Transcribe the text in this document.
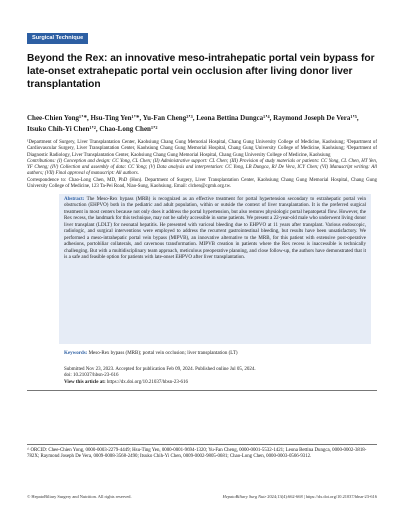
Surgical Technique
Beyond the Rex: an innovative meso-intrahepatic portal vein bypass for late-onset extrahepatic portal vein occlusion after living donor liver transplantation
Chee-Chien Yong¹ʼ*, Hsu-Ting Yen¹ʼ*, Yu-Fan Cheng²ʼ³, Leona Bettina Dungca¹ʼ⁴, Raymond Joseph De Vera¹ʼ⁵, Itsuko Chih-Yi Chen¹ʼ², Chao-Long Chen¹ʼ²

¹Department of Surgery, Liver Transplantation Center, Kaohsiung Chang Gung Memorial Hospital, Chang Gung University College of Medicine, Kaohsiung; ²Department of Cardiovascular Surgery, Liver Transplantation Center, Kaohsiung Chang Gung Memorial Hospital, Chang Gung University College of Medicine, Kaohsiung; ³Department of Diagnostic Radiology, Liver Transplantation Center, Kaohsiung Chang Gung Memorial Hospital, Chang Gung University College of Medicine, Kaohsiung

Contributions: (I) Conception and design: CC Yong, CL Chen; (II) Administrative support: CL Chen; (III) Provision of study materials or patients: CC Yong, CL Chen, HT Yen, YF Cheng; (IV) Collection and assembly of data: CC Yong; (V) Data analysis and interpretation: CC Yong, LB Dungca, RJ De Vera, ICY Chen; (VI) Manuscript writing: All authors; (VII) Final approval of manuscript: All authors.

Correspondence to: Chao-Long Chen, MD, PhD (Hon). Department of Surgery, Liver Transplantation Center, Kaohsiung Chang Gung Memorial Hospital, Chang Gung University College of Medicine, 123 Ta-Pei Road, Niao-Sung, Kaohsiung. Email: clchen@cgmh.org.tw.

Abstract: The Meso-Rex bypass (MRB) is recognized as an effective treatment for portal hypertension secondary to extrahepatic portal vein obstruction (EHPVO) both in the pediatric and adult population, within or outside the context of liver transplantation. It is the preferred surgical treatment in most centers because not only does it address the portal hypertension, but also restores physiologic portal hepatopetal flow. However, the Rex recess, the landmark for this technique, may not be safely accessible in some patients. We present a 22-year-old male who underwent living donor liver transplant (LDLT) for neonatal hepatitis. He presented with variceal bleeding due to EHPVO at 11 years after transplant. Various endoscopic, radiologic, and surgical interventions were employed to address the recurrent gastrointestinal bleeding, but results have been unsatisfactory. We performed a meso-intrahepatic portal vein bypass (MIPVB), an innovative alternative to the MRB, for this patient with extensive post-operative adhesions, portobiliar collaterals, and cavernous transformation. MIPVB creation in patients where the Rex recess is inaccessible is technically challenging. But with a multidisciplinary team approach, meticulous preoperative planning, and close follow-up, the authors have demonstrated that it is a safe and feasible option for patients with late-onset EHPVO after liver transplantation.
Keywords: Meso-Rex bypass (MRB); portal vein occlusion; liver transplantation (LT)

Submitted Nov 23, 2023. Accepted for publication Feb 09, 2024. Published online Jul 05, 2024.

doi: 10.21037/hbsn-23-616

View this article at: https://dx.doi.org/10.21037/hbsn-23-616

^ ORCID: Chee-Chien Yong, 0000-0003-2279-4449; Hsu-Ting Yen, 0000-0001-9694-1320; Yu-Fan Cheng, 0000-0001-5532-1421; Leona Bettina Dungca, 0000-0002-3818-782X; Raymond Joseph De Vera, 0009-0008-3568-2490; Itsuko Chih-Yi Chen, 0009-0002-9805-0681; Chao-Long Chen, 0000-0003-0566-9312.
© HepatoBiliary Surgery and Nutrition. All rights reserved.	HepatoBiliary Surg Nutr 2024;13(4):662-668 | https://dx.doi.org/10.21037/hbsn-23-616
